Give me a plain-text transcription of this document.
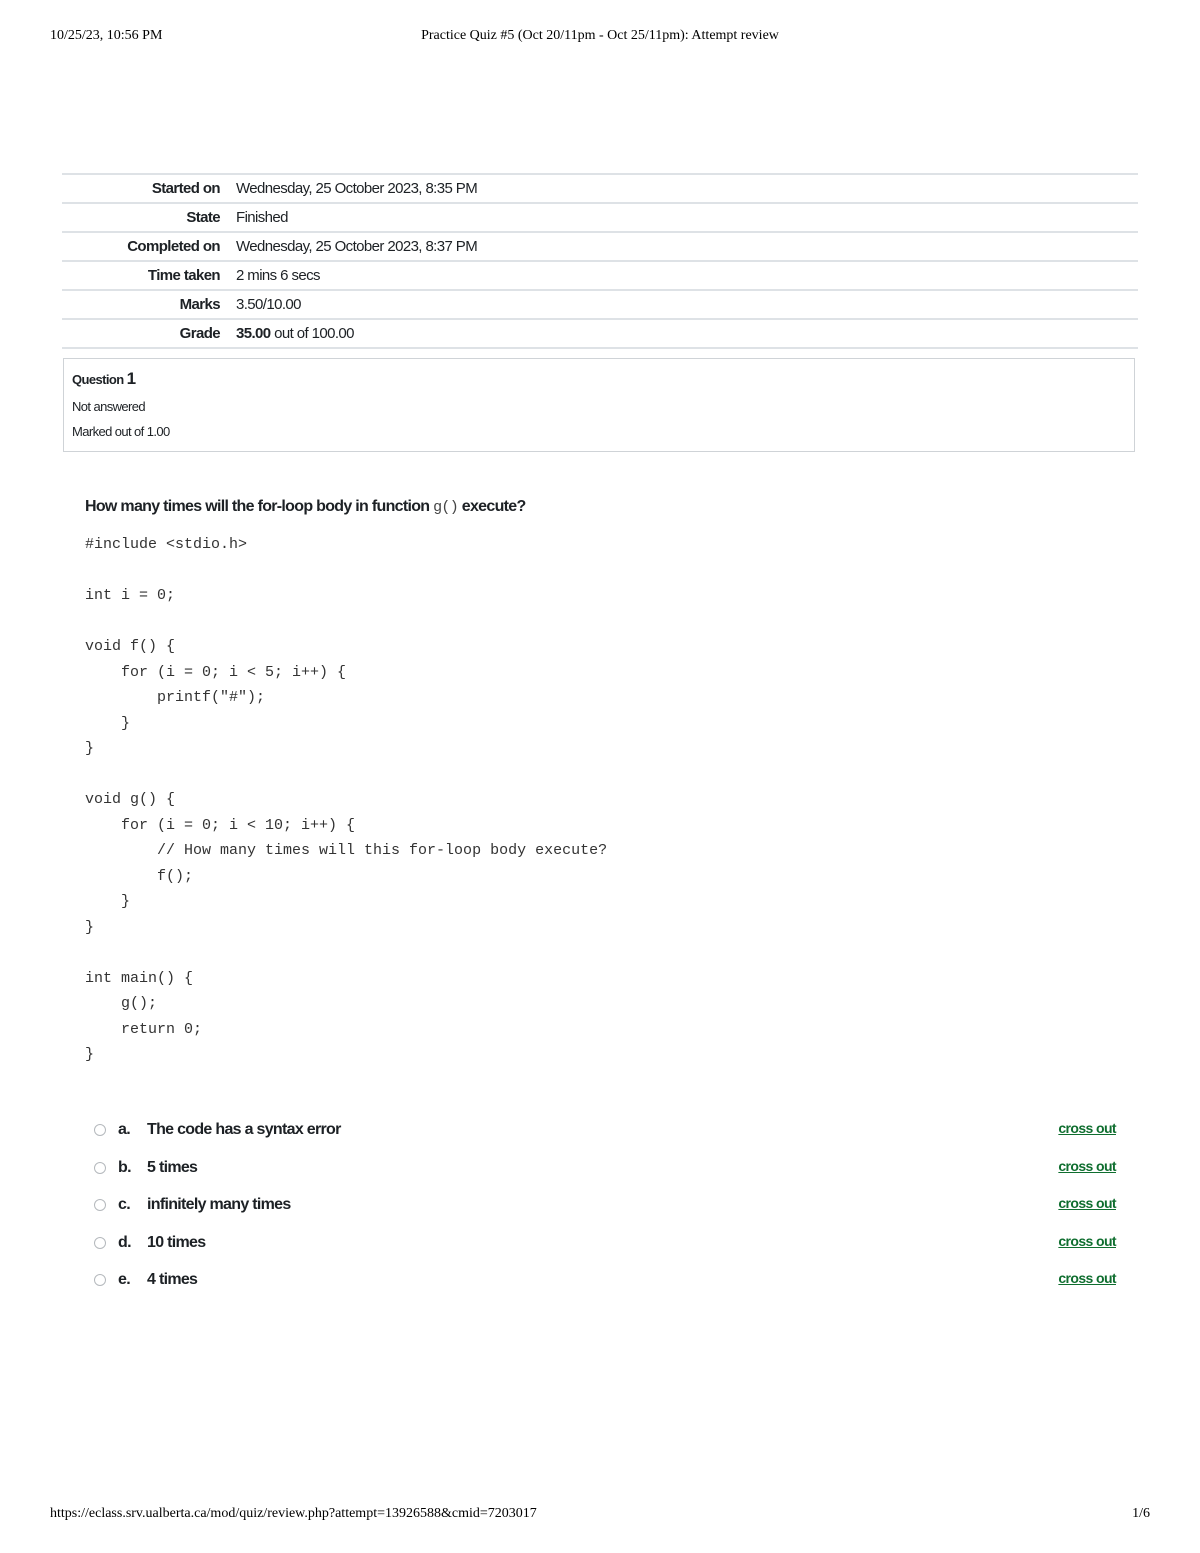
10/25/23, 10:56 PM	Practice Quiz #5 (Oct 20/11pm - Oct 25/11pm): Attempt review
Started on	Wednesday, 25 October 2023, 8:35 PM
State	Finished
Completed on	Wednesday, 25 October 2023, 8:37 PM
Time taken	2 mins 6 secs
Marks	3.50/10.00
Grade	35.00 out of 100.00
Question 1
Not answered
Marked out of 1.00
How many times will the for-loop body in function g() execute?
#include <stdio.h>

int i = 0;

void f() {
for (i = 0; i < 5; i++) {
printf("#");
}
}

void g() {
for (i = 0; i < 10; i++) {
// How many times will this for-loop body execute?
f();
}
}

int main() {
g();
return 0;
}
a. The code has a syntax error	cross out
b. 5 times	cross out
c. infinitely many times	cross out
d. 10 times	cross out
e. 4 times	cross out
https://eclass.srv.ualberta.ca/mod/quiz/review.php?attempt=13926588&cmid=7203017	1/6
